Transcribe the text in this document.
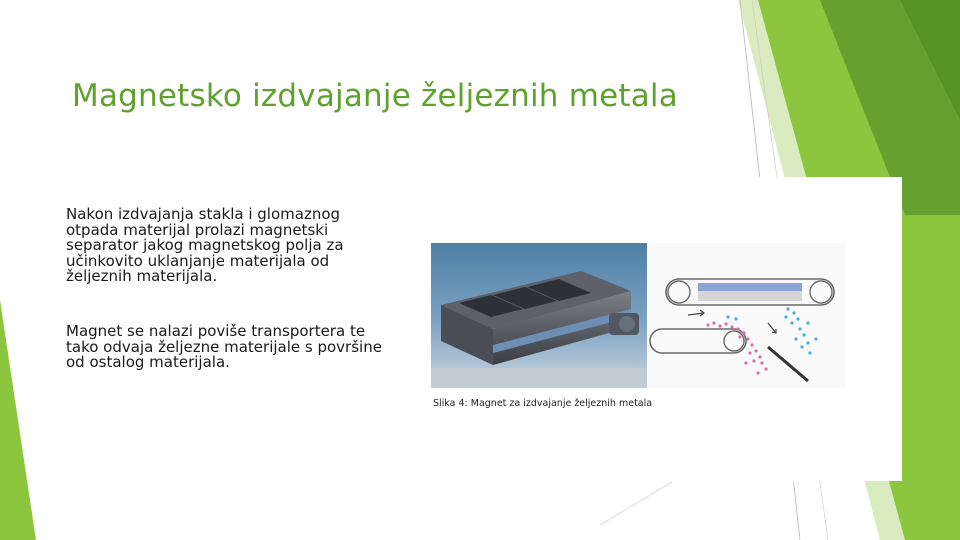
Magnetsko izdvajanje željeznih metala
Nakon izdvajanja stakla i glomaznog otpada materijal prolazi magnetski separator jakog magnetskog polja za učinkovito uklanjanje materijala od željeznih materijala.
Magnet se nalazi poviše transportera te tako odvaja željezne materijale s površine od ostalog materijala.
Slika 4: Magnet za izdvajanje željeznih metala
